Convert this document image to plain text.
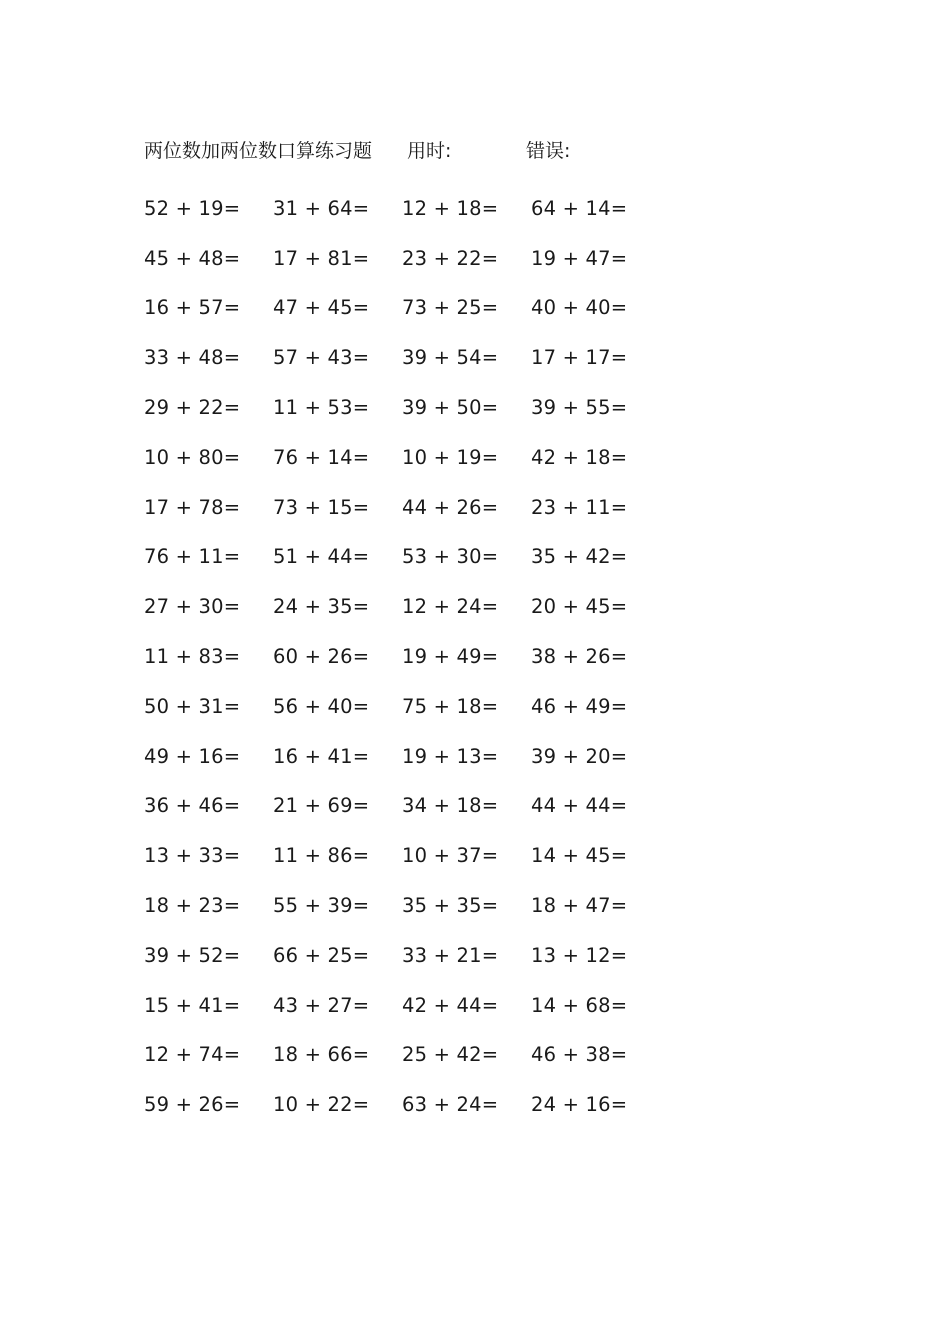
两位数加两位数口算练习题 用时:	错误:
52 + 19=	31 + 64=	12 + 18=	64 + 14=
45 + 48=	17 + 81=	23 + 22=	19 + 47=
16 + 57=	47 + 45=	73 + 25=	40 + 40=
33 + 48=	57 + 43=	39 + 54=	17 + 17=
29 + 22=	11 + 53=	39 + 50=	39 + 55=
10 + 80=	76 + 14=	10 + 19=	42 + 18=
17 + 78=	73 + 15=	44 + 26=	23 + 11=
76 + 11=	51 + 44=	53 + 30=	35 + 42=
27 + 30=	24 + 35=	12 + 24=	20 + 45=
11 + 83=	60 + 26=	19 + 49=	38 + 26=
50 + 31=	56 + 40=	75 + 18=	46 + 49=
49 + 16=	16 + 41=	19 + 13=	39 + 20=
36 + 46=	21 + 69=	34 + 18=	44 + 44=
13 + 33=	11 + 86=	10 + 37=	14 + 45=
18 + 23=	55 + 39=	35 + 35=	18 + 47=
39 + 52=	66 + 25=	33 + 21=	13 + 12=
15 + 41=	43 + 27=	42 + 44=	14 + 68=
12 + 74=	18 + 66=	25 + 42=	46 + 38=
59 + 26=	10 + 22=	63 + 24=	24 + 16=
